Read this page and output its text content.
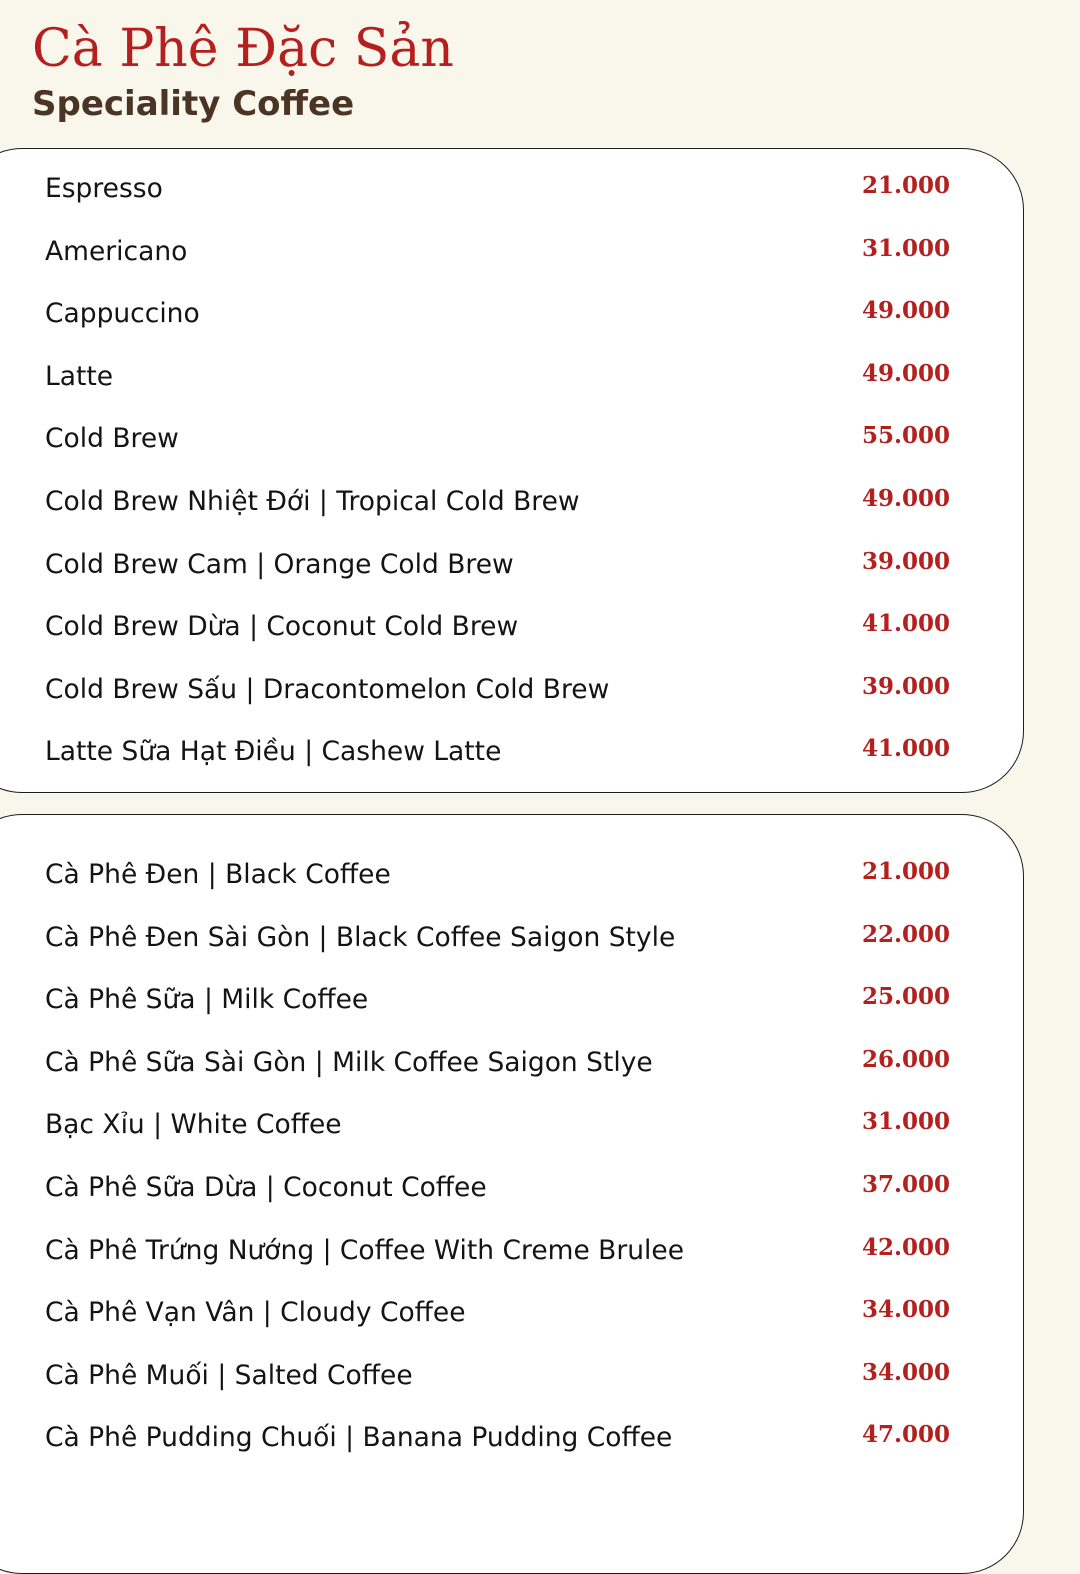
Cà Phê Đặc Sản
Speciality Coffee
Espresso	21.000
Americano	31.000
Cappuccino	49.000
Latte	49.000
Cold Brew	55.000
Cold Brew Nhiệt Đới | Tropical Cold Brew	49.000
Cold Brew Cam | Orange Cold Brew	39.000
Cold Brew Dừa | Coconut Cold Brew	41.000
Cold Brew Sấu | Dracontomelon Cold Brew	39.000
Latte Sữa Hạt Điều | Cashew Latte	41.000
Cà Phê Đen | Black Coffee	21.000
Cà Phê Đen Sài Gòn | Black Coffee Saigon Style	22.000
Cà Phê Sữa | Milk Coffee	25.000
Cà Phê Sữa Sài Gòn | Milk Coffee Saigon Stlye	26.000
Bạc Xỉu | White Coffee	31.000
Cà Phê Sữa Dừa | Coconut Coffee	37.000
Cà Phê Trứng Nướng | Coffee With Creme Brulee	42.000
Cà Phê Vạn Vân | Cloudy Coffee	34.000
Cà Phê Muối | Salted Coffee	34.000
Cà Phê Pudding Chuối | Banana Pudding Coffee	47.000
